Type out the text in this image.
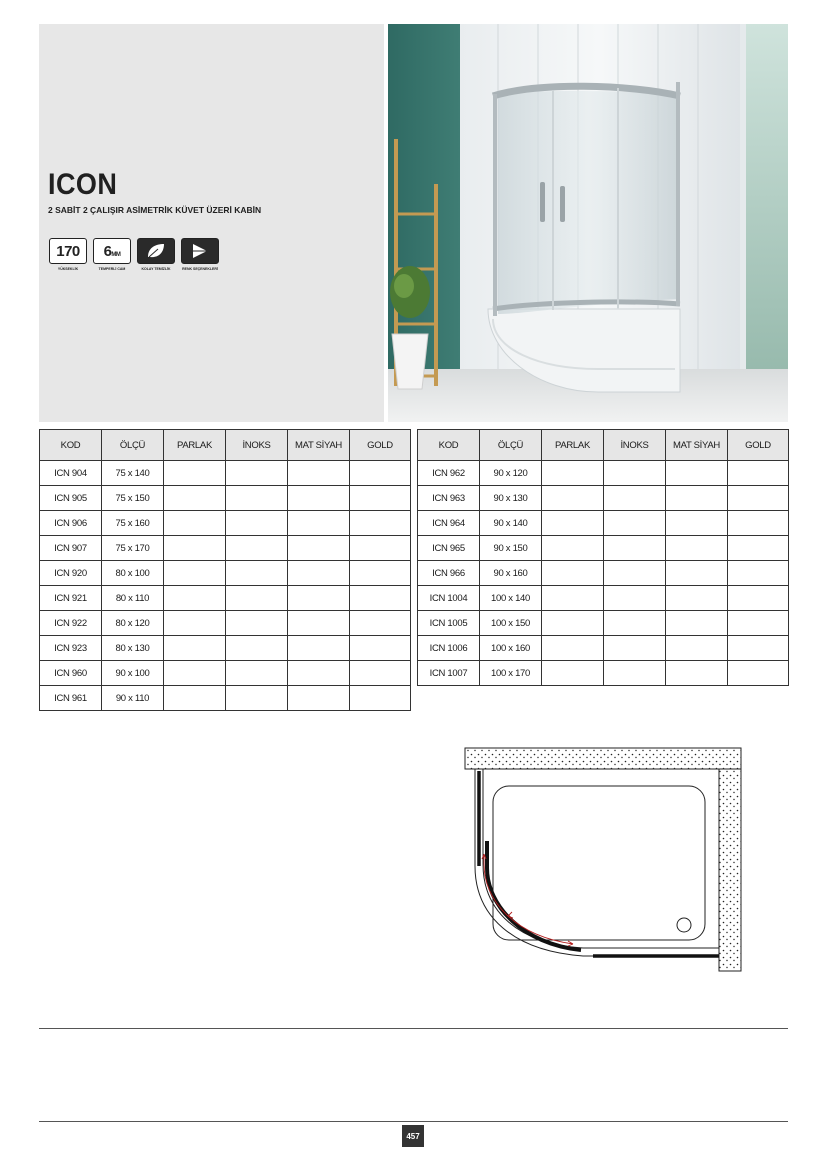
ICON
2 SABİT 2 ÇALIŞIR ASİMETRİK KÜVET ÜZERİ KABİN
170
YÜKSEKLİK
6MM
TEMPERLİ CAM	KOLAY TEMİZLİK	RENK SEÇENEKLERİ
KOD	ÖLÇÜ	PARLAK	İNOKS	MAT SİYAH	GOLD
ICN 904	75 x 140				
ICN 905	75 x 150				
ICN 906	75 x 160				
ICN 907	75 x 170				
ICN 920	80 x 100				
ICN 921	80 x 110				
ICN 922	80 x 120				
ICN 923	80 x 130				
ICN 960	90 x 100				
ICN 961	90 x 110				
KOD	ÖLÇÜ	PARLAK	İNOKS	MAT SİYAH	GOLD
ICN 962	90 x 120				
ICN 963	90 x 130				
ICN 964	90 x 140				
ICN 965	90 x 150				
ICN 966	90 x 160				
ICN 1004	100 x 140				
ICN 1005	100 x 150				
ICN 1006	100 x 160				
ICN 1007	100 x 170				
457
